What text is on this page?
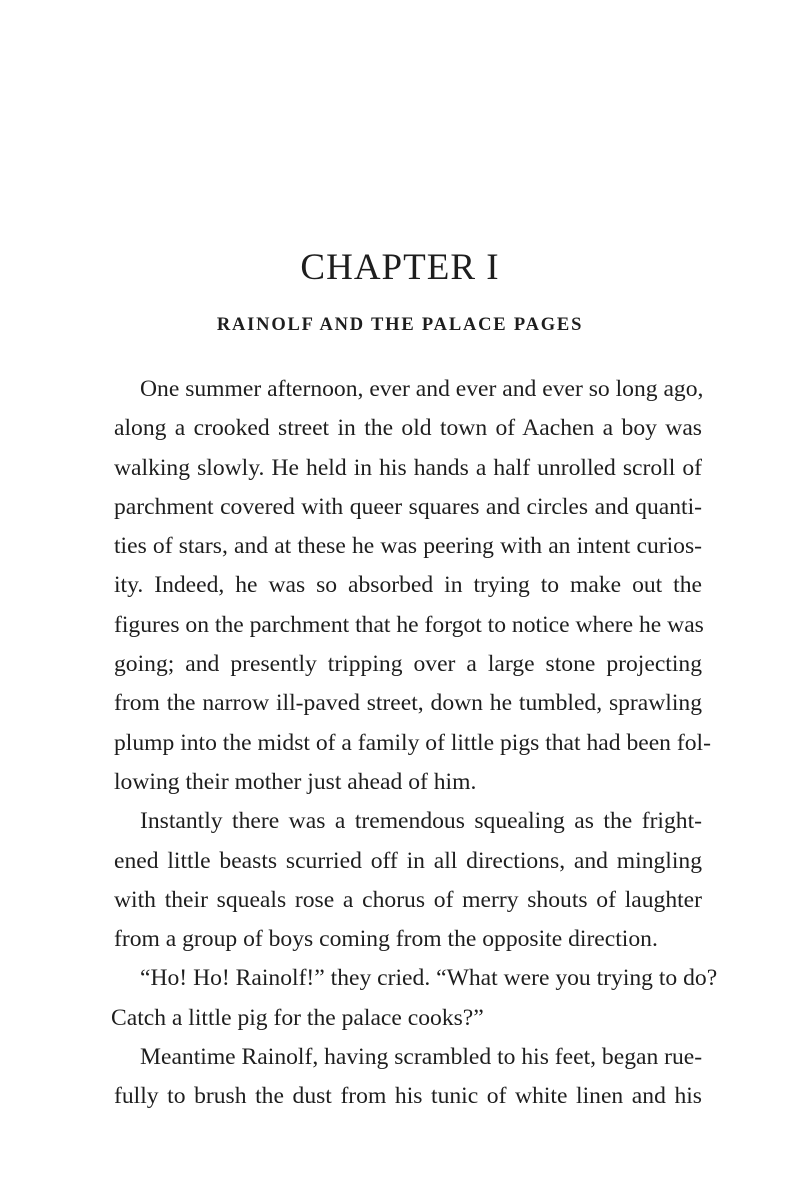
CHAPTER I
RAINOLF AND THE PALACE PAGES
One summer afternoon, ever and ever and ever so long ago,
along a crooked street in the old town of Aachen a boy was
walking slowly. He held in his hands a half unrolled scroll of
parchment covered with queer squares and circles and quanti-
ties of stars, and at these he was peering with an intent curios-
ity. Indeed, he was so absorbed in trying to make out the
figures on the parchment that he forgot to notice where he was
going; and presently tripping over a large stone projecting
from the narrow ill-paved street, down he tumbled, sprawling
plump into the midst of a family of little pigs that had been fol-
lowing their mother just ahead of him.
Instantly there was a tremendous squealing as the fright-
ened little beasts scurried off in all directions, and mingling
with their squeals rose a chorus of merry shouts of laughter
from a group of boys coming from the opposite direction.
“Ho! Ho! Rainolf!” they cried. “What were you trying to do?
Catch a little pig for the palace cooks?”
Meantime Rainolf, having scrambled to his feet, began rue-
fully to brush the dust from his tunic of white linen and his
